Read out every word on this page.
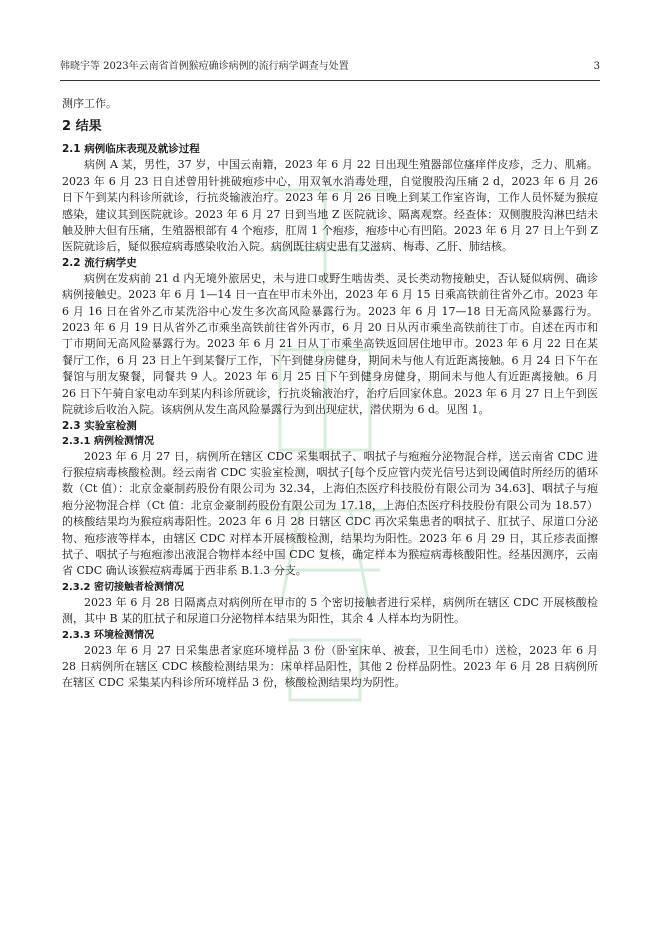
韩晓宇等 2023年云南省首例猴痘确诊病例的流行病学调查与处置	3

测序工作。

2 结果
2.1 病例临床表现及就诊过程

病例 A 某，男性，37 岁，中国云南籍，2023 年 6 月 22 日出现生殖器部位瘙痒伴皮疹，乏力、肌痛。2023 年 6 月 23 日自述曾用针挑破疱疹中心，用双氧水消毒处理，自觉腹股沟压痛 2 d，2023 年 6 月 26 日下午到某内科诊所就诊，行抗炎输液治疗。2023 年 6 月 26 日晚上到某工作室咨询，工作人员怀疑为猴痘感染，建议其到医院就诊。2023 年 6 月 27 日到当地 Z 医院就诊、隔离观察。经查体：双侧腹股沟淋巴结未触及肿大但有压痛，生殖器根部有 4 个疱疹，肛周 1 个疱疹，疱疹中心有凹陷。2023 年 6 月 27 日上午到 Z 医院就诊后，疑似猴痘病毒感染收治入院。病例既往病史患有艾滋病、梅毒、乙肝、肺结核。

2.2 流行病学史

病例在发病前 21 d 内无境外旅居史，未与进口或野生啮齿类、灵长类动物接触史，否认疑似病例、确诊病例接触史。2023 年 6 月 1—14 日一直在甲市未外出，2023 年 6 月 15 日乘高铁前往省外乙市。2023 年 6 月 16 日在省外乙市某洗浴中心发生多次高风险暴露行为。2023 年 6 月 17—18 日无高风险暴露行为。2023 年 6 月 19 日从省外乙市乘坐高铁前往省外丙市，6 月 20 日从丙市乘坐高铁前往丁市。自述在丙市和丁市期间无高风险暴露行为。2023 年 6 月 21 日从丁市乘坐高铁返回居住地甲市。2023 年 6 月 22 日在某餐厅工作，6 月 23 日上午到某餐厅工作，下午到健身房健身，期间未与他人有近距离接触。6 月 24 日下午在餐馆与朋友聚餐，同餐共 9 人。2023 年 6 月 25 日下午到健身房健身，期间未与他人有近距离接触。6 月 26 日下午骑自家电动车到某内科诊所就诊，行抗炎输液治疗，治疗后回家休息。2023 年 6 月 27 日上午到医院就诊后收治入院。该病例从发生高风险暴露行为到出现症状，潜伏期为 6 d。见图 1。

2.3 实验室检测
2.3.1 病例检测情况

2023 年 6 月 27 日，病例所在辖区 CDC 采集咽拭子、咽拭子与疱疱分泌物混合样，送云南省 CDC 进行猴痘病毒核酸检测。经云南省 CDC 实验室检测，咽拭子[每个反应管内荧光信号达到设阈值时所经历的循环数（Ct 值）：北京金豪制药股份有限公司为 32.34，上海伯杰医疗科技股份有限公司为 34.63]、咽拭子与疱疱分泌物混合样（Ct 值：北京金豪制药股份有限公司为 17.18，上海伯杰医疗科技股份有限公司为 18.57）的核酸结果均为猴痘病毒阳性。2023 年 6 月 28 日辖区 CDC 再次采集患者的咽拭子、肛拭子、尿道口分泌物、疱疹液等样本，由辖区 CDC 对样本开展核酸检测，结果均为阳性。2023 年 6 月 29 日，其丘疹表面擦拭子、咽拭子与疱疱渗出液混合物样本经中国 CDC 复核，确定样本为猴痘病毒核酸阳性。经基因测序，云南省 CDC 确认该猴痘病毒属于西非系 B.1.3 分支。

2.3.2 密切接触者检测情况

2023 年 6 月 28 日隔离点对病例所在甲市的 5 个密切接触者进行采样，病例所在辖区 CDC 开展核酸检测，其中 B 某的肛拭子和尿道口分泌物样本结果为阳性，其余 4 人样本均为阴性。

2.3.3 环境检测情况

2023 年 6 月 27 日采集患者家庭环境样品 3 份（卧室床单、被套，卫生间毛巾）送检，2023 年 6 月 28 日病例所在辖区 CDC 核酸检测结果为：床单样品阳性，其他 2 份样品阴性。2023 年 6 月 28 日病例所在辖区 CDC 采集某内科诊所环境样品 3 份，核酸检测结果均为阴性。
